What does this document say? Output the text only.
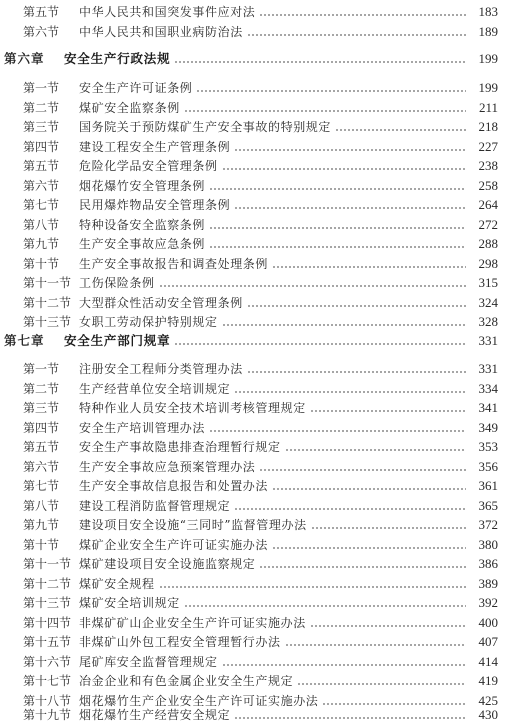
第五节	中华人民共和国突发事件应对法	183
第六节	中华人民共和国职业病防治法	189
第六章	安全生产行政法规	199
第一节	安全生产许可证条例	199
第二节	煤矿安全监察条例	211
第三节	国务院关于预防煤矿生产安全事故的特别规定	218
第四节	建设工程安全生产管理条例	227
第五节	危险化学品安全管理条例	238
第六节	烟花爆竹安全管理条例	258
第七节	民用爆炸物品安全管理条例	264
第八节	特种设备安全监察条例	272
第九节	生产安全事故应急条例	288
第十节	生产安全事故报告和调查处理条例	298
第十一节 工伤保险条例	315
第十二节 大型群众性活动安全管理条例	324
第十三节 女职工劳动保护特别规定	328
第七章	安全生产部门规章	331
第一节	注册安全工程师分类管理办法	331
第二节	生产经营单位安全培训规定	334
第三节	特种作业人员安全技术培训考核管理规定	341
第四节	安全生产培训管理办法	349
第五节	安全生产事故隐患排查治理暂行规定	353
第六节	生产安全事故应急预案管理办法	356
第七节	生产安全事故信息报告和处置办法	361
第八节	建设工程消防监督管理规定	365
第九节	建设项目安全设施“三同时”监督管理办法	372
第十节	煤矿企业安全生产许可证实施办法	380
第十一节 煤矿建设项目安全设施监察规定	386
第十二节 煤矿安全规程	389
第十三节 煤矿安全培训规定	392
第十四节 非煤矿矿山企业安全生产许可证实施办法	400
第十五节 非煤矿山外包工程安全管理暂行办法	407
第十六节 尾矿库安全监督管理规定	414
第十七节 冶金企业和有色金属企业安全生产规定	419
第十八节 烟花爆竹生产企业安全生产许可证实施办法	425
第十九节 烟花爆竹生产经营安全规定	430
